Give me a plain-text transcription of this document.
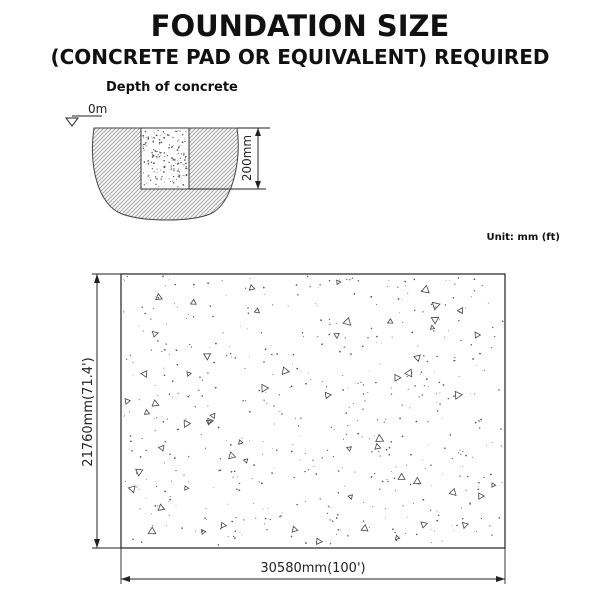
FOUNDATION SIZE
(CONCRETE PAD OR EQUIVALENT) REQUIRED
Depth of concrete
Unit: mm (ft)
0m
200mm
21760mm(71.4')
30580mm(100')
